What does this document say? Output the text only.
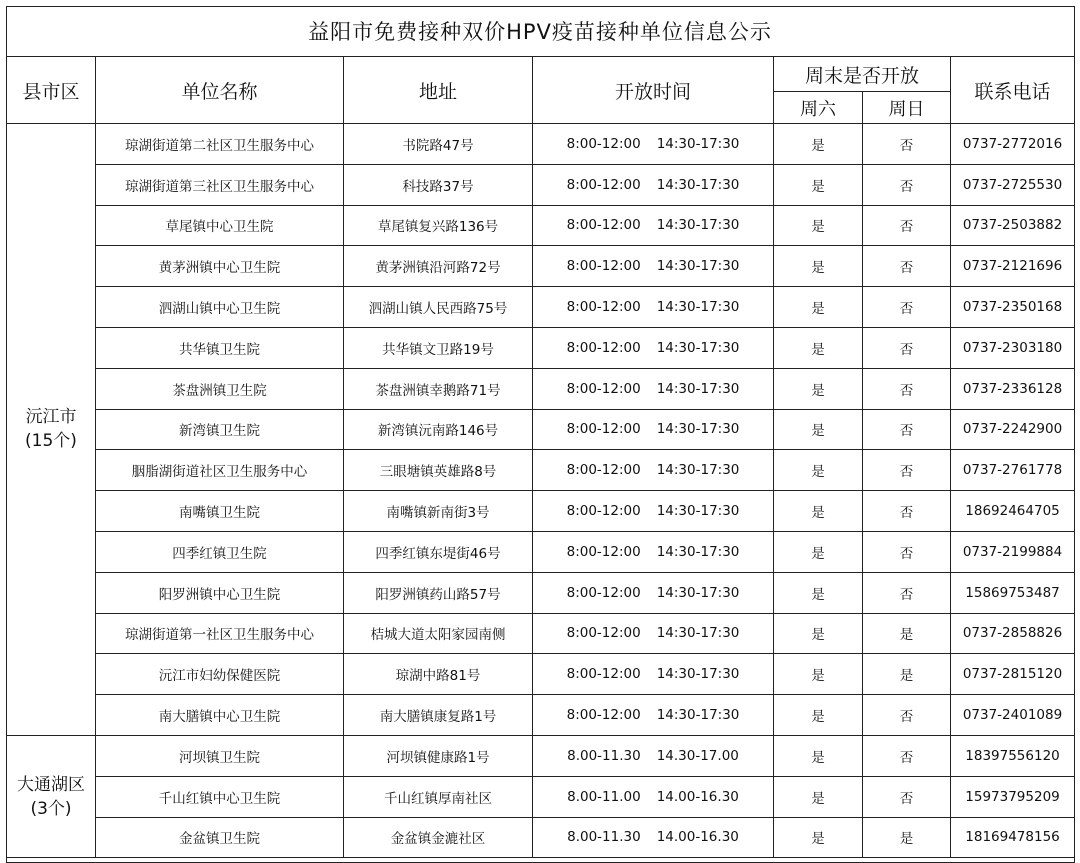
益阳市免费接种双价HPV疫苗接种单位信息公示
县市区	单位名称	地址	开放时间	周末是否开放		联系电话
				周六	周日	

沅江市
(15个)	琼湖街道第二社区卫生服务中心	书院路47号	8:00-12:00 14:30-17:30	是	否	0737-2772016
	琼湖街道第三社区卫生服务中心	科技路37号	8:00-12:00 14:30-17:30	是	否	0737-2725530
	草尾镇中心卫生院	草尾镇复兴路136号	8:00-12:00 14:30-17:30	是	否	0737-2503882
	黄茅洲镇中心卫生院	黄茅洲镇沿河路72号	8:00-12:00 14:30-17:30	是	否	0737-2121696
	泗湖山镇中心卫生院	泗湖山镇人民西路75号	8:00-12:00 14:30-17:30	是	否	0737-2350168
	共华镇卫生院	共华镇文卫路19号	8:00-12:00 14:30-17:30	是	否	0737-2303180
	茶盘洲镇卫生院	茶盘洲镇幸鹅路71号	8:00-12:00 14:30-17:30	是	否	0737-2336128
	新湾镇卫生院	新湾镇沅南路146号	8:00-12:00 14:30-17:30	是	否	0737-2242900
	胭脂湖街道社区卫生服务中心	三眼塘镇英雄路8号	8:00-12:00 14:30-17:30	是	否	0737-2761778
	南嘴镇卫生院	南嘴镇新南街3号	8:00-12:00 14:30-17:30	是	否	18692464705
	四季红镇卫生院	四季红镇东堤街46号	8:00-12:00 14:30-17:30	是	否	0737-2199884
	阳罗洲镇中心卫生院	阳罗洲镇药山路57号	8:00-12:00 14:30-17:30	是	否	15869753487
	琼湖街道第一社区卫生服务中心	桔城大道太阳家园南侧	8:00-12:00 14:30-17:30	是	是	0737-2858826
	沅江市妇幼保健医院	琼湖中路81号	8:00-12:00 14:30-17:30	是	是	0737-2815120
	南大膳镇中心卫生院	南大膳镇康复路1号	8:00-12:00 14:30-17:30	是	否	0737-2401089

大通湖区
(3个)	河坝镇卫生院	河坝镇健康路1号	8.00-11.30 14.30-17.00	是	否	18397556120
	千山红镇中心卫生院	千山红镇厚南社区	8.00-11.00 14.00-16.30	是	否	15973795209
	金盆镇卫生院	金盆镇金漉社区	8.00-11.30 14.00-16.30	是	是	18169478156
